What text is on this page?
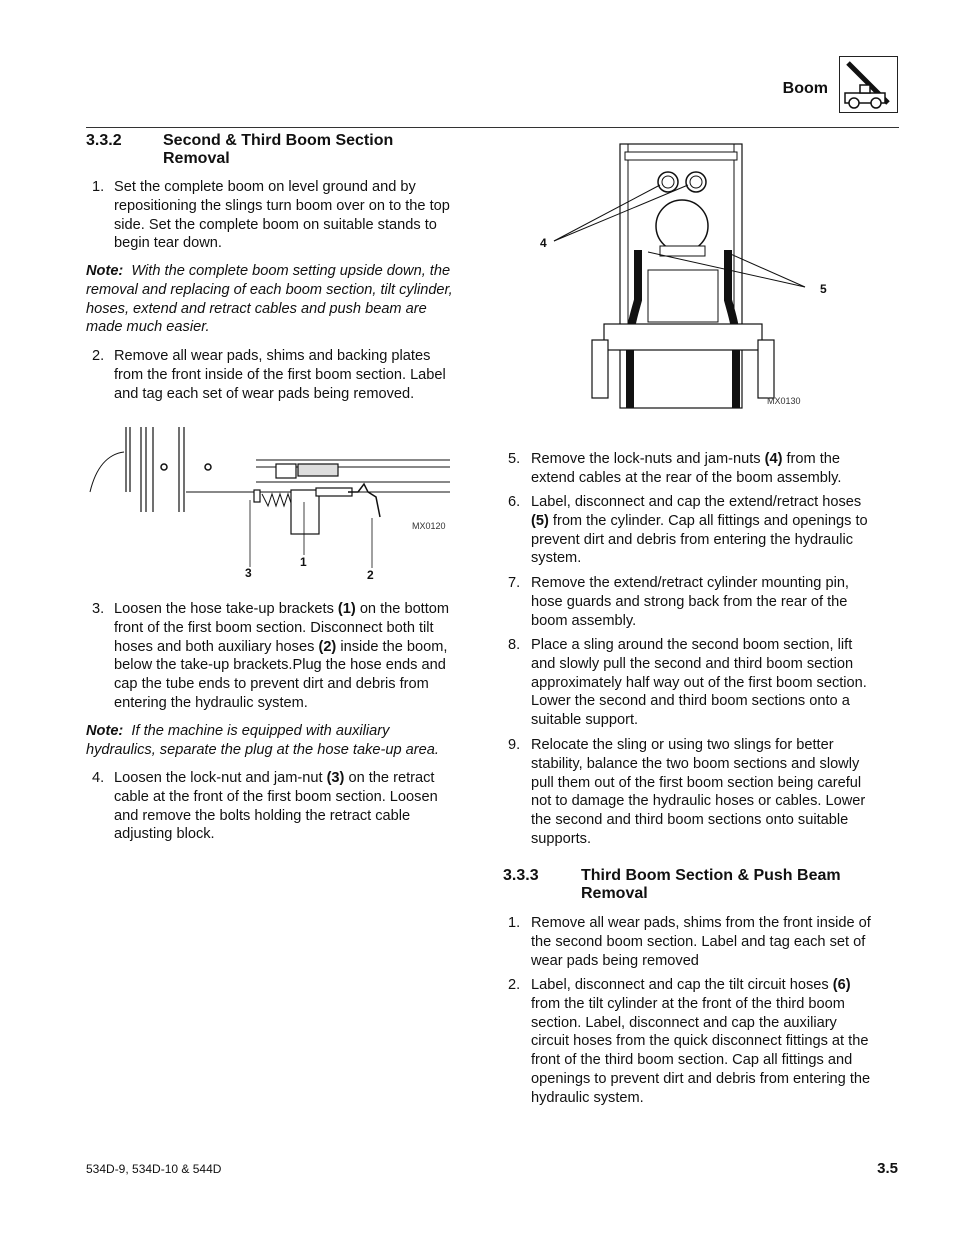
Boom
3.3.2	Second & Third Boom Section
Removal
1. Set the complete boom on level ground and by
repositioning the slings turn boom over on to the top
side. Set the complete boom on suitable stands to
begin tear down.
Note: With the complete boom setting upside down, the
removal and replacing of each boom section, tilt cylinder,
hoses, extend and retract cables and push beam are
made much easier.
2. Remove all wear pads, shims and backing plates
from the front inside of the first boom section. Label
and tag each set of wear pads being removed.
MX0120
1
2
3
3. Loosen the hose take-up brackets (1) on the bottom
front of the first boom section. Disconnect both tilt
hoses and both auxiliary hoses (2) inside the boom,
below the take-up brackets.Plug the hose ends and
cap the tube ends to prevent dirt and debris from
entering the hydraulic system.
Note: If the machine is equipped with auxiliary
hydraulics, separate the plug at the hose take-up area.
4. Loosen the lock-nut and jam-nut (3) on the retract
cable at the front of the first boom section. Loosen
and remove the bolts holding the retract cable
adjusting block.
4
5
MX0130
5. Remove the lock-nuts and jam-nuts (4) from the
extend cables at the rear of the boom assembly.
6. Label, disconnect and cap the extend/retract hoses
(5) from the cylinder. Cap all fittings and openings to
prevent dirt and debris from entering the hydraulic
system.
7. Remove the extend/retract cylinder mounting pin,
hose guards and strong back from the rear of the
boom assembly.
8. Place a sling around the second boom section, lift
and slowly pull the second and third boom section
approximately half way out of the first boom section.
Lower the second and third boom sections onto a
suitable support.
9. Relocate the sling or using two slings for better
stability, balance the two boom sections and slowly
pull them out of the first boom section being careful
not to damage the hydraulic hoses or cables. Lower
the second and third boom sections onto suitable
supports.
3.3.3	Third Boom Section & Push Beam
Removal
1. Remove all wear pads, shims from the front inside of
the second boom section. Label and tag each set of
wear pads being removed
2. Label, disconnect and cap the tilt circuit hoses (6)
from the tilt cylinder at the front of the third boom
section. Label, disconnect and cap the auxiliary
circuit hoses from the quick disconnect fittings at the
front of the third boom section. Cap all fittings and
openings to prevent dirt and debris from entering the
hydraulic system.
534D-9, 534D-10 & 544D	3.5
